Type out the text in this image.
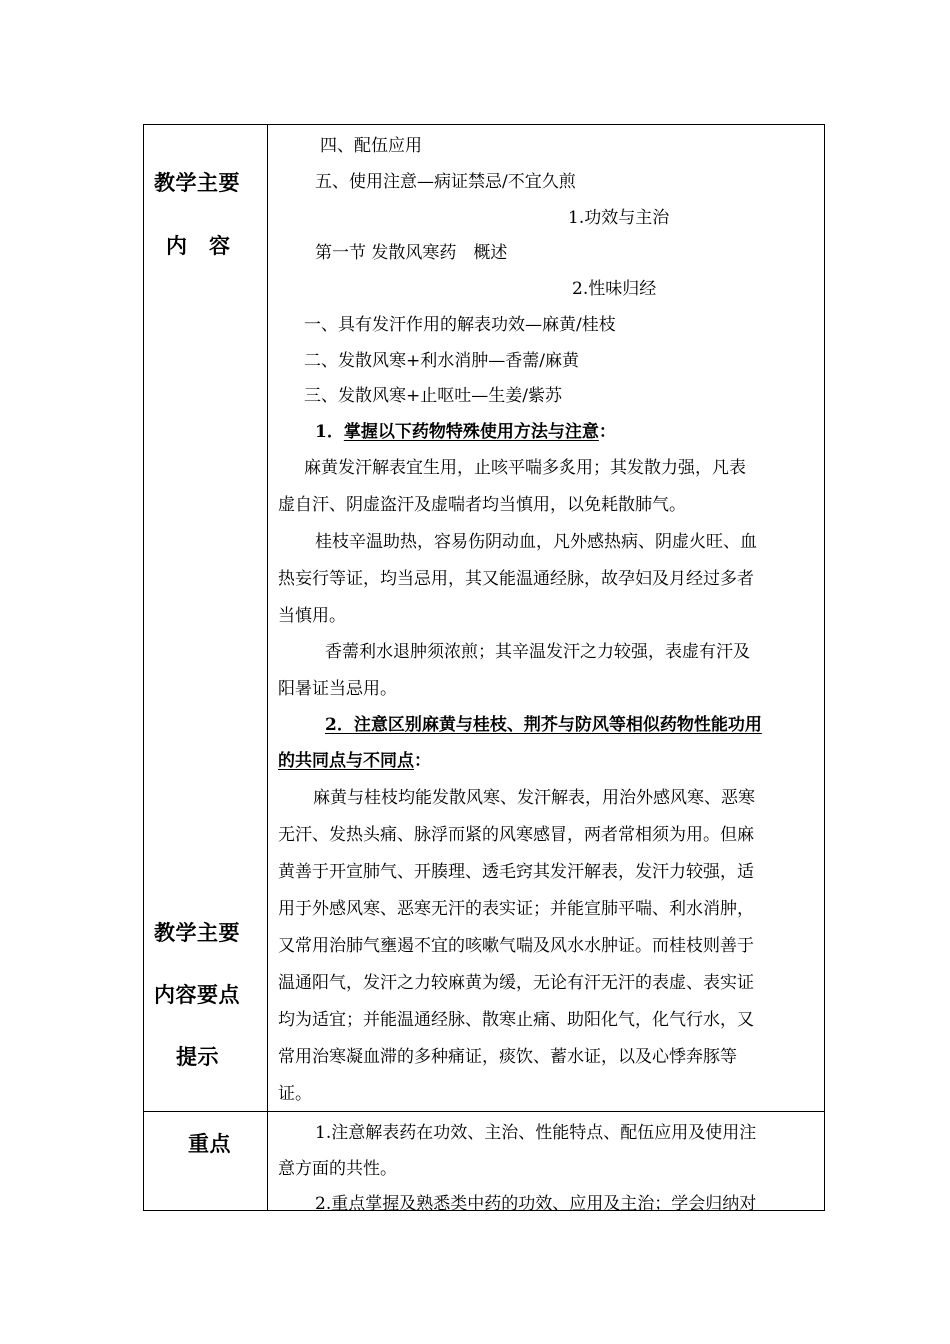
教学主要
内　容
教学主要
内容要点
提示
重点
四、配伍应用
五、使用注意—病证禁忌/不宜久煎
1.功效与主治
第一节 发散风寒药　概述
2.性味归经
一、具有发汗作用的解表功效—麻黄/桂枝
二、发散风寒+利水消肿—香薷/麻黄
三、发散风寒+止呕吐—生姜/紫苏
1．掌握以下药物特殊使用方法与注意：
麻黄发汗解表宜生用，止咳平喘多炙用；其发散力强，凡表
虚自汗、阴虚盗汗及虚喘者均当慎用，以免耗散肺气。
桂枝辛温助热，容易伤阴动血，凡外感热病、阴虚火旺、血
热妄行等证，均当忌用，其又能温通经脉，故孕妇及月经过多者
当慎用。
香薷利水退肿须浓煎；其辛温发汗之力较强，表虚有汗及
阳暑证当忌用。
2．注意区别麻黄与桂枝、荆芥与防风等相似药物性能功用
的共同点与不同点：
麻黄与桂枝均能发散风寒、发汗解表，用治外感风寒、恶寒
无汗、发热头痛、脉浮而紧的风寒感冒，两者常相须为用。但麻
黄善于开宣肺气、开腠理、透毛窍其发汗解表，发汗力较强，适
用于外感风寒、恶寒无汗的表实证；并能宣肺平喘、利水消肿，
又常用治肺气壅遏不宜的咳嗽气喘及风水水肿证。而桂枝则善于
温通阳气，发汗之力较麻黄为缓，无论有汗无汗的表虚、表实证
均为适宜；并能温通经脉、散寒止痛、助阳化气，化气行水，又
常用治寒凝血滞的多种痛证，痰饮、蓄水证，以及心悸奔豚等
证。
1.注意解表药在功效、主治、性能特点、配伍应用及使用注
意方面的共性。
2.重点掌握及熟悉类中药的功效、应用及主治；学会归纳对
